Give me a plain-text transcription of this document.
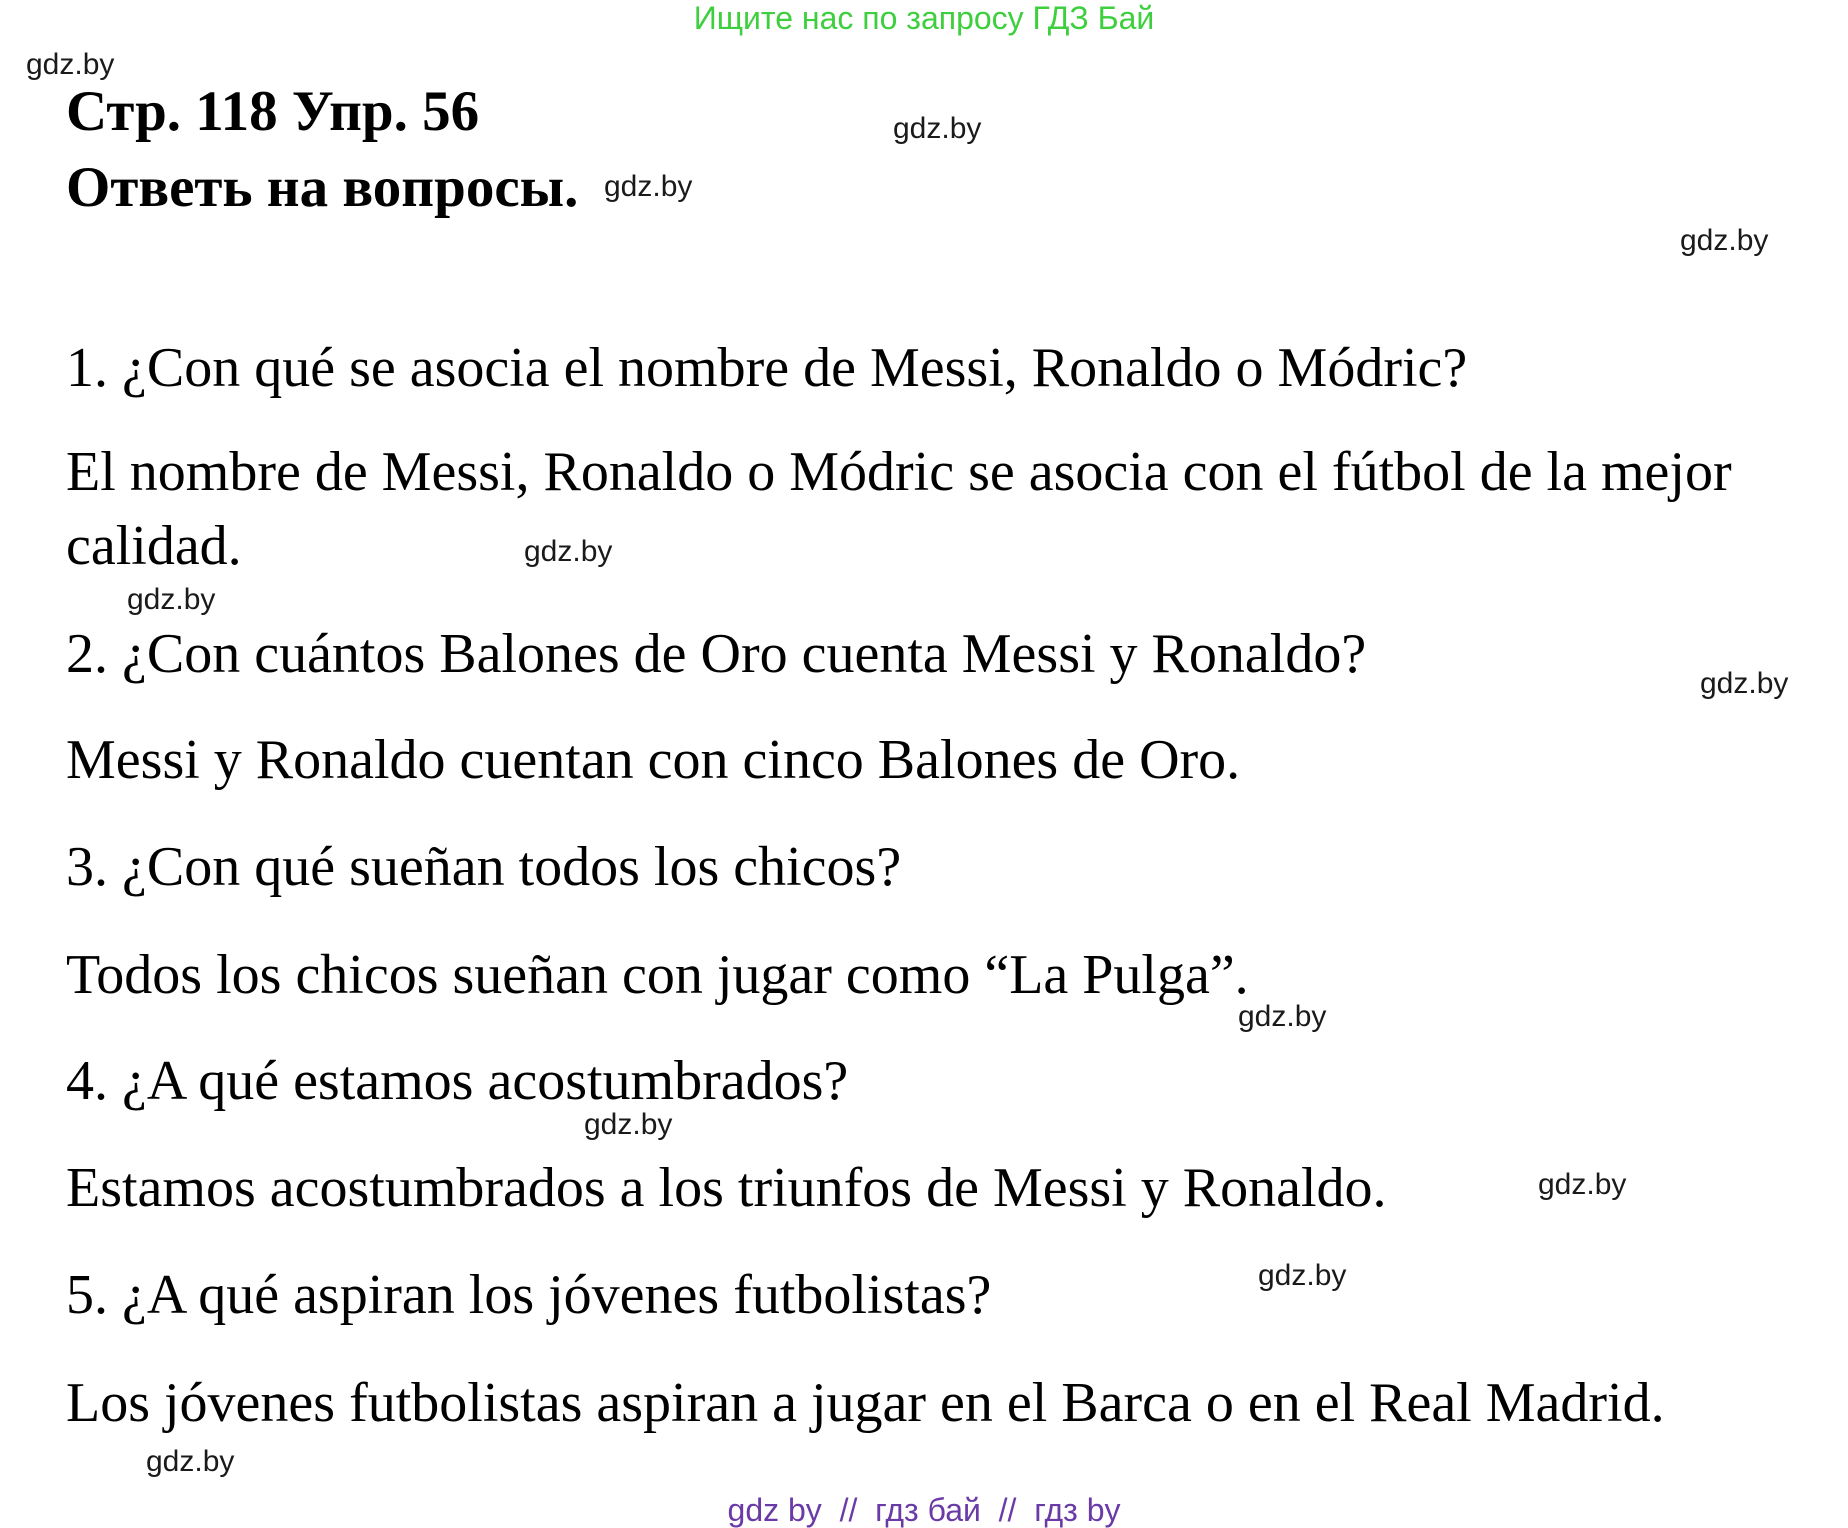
Ищите нас по запросу ГДЗ Бай
Стр. 118 Упр. 56
Ответь на вопросы.
1. ¿Con qué se asocia el nombre de Messi, Ronaldo o Módric?
El nombre de Messi, Ronaldo o Módric se asocia con el fútbol de la mejor calidad.
2. ¿Con cuántos Balones de Oro cuenta Messi y Ronaldo?
Messi y Ronaldo cuentan con cinco Balones de Oro.
3. ¿Con qué sueñan todos los chicos?
Todos los chicos sueñan con jugar como “La Pulga”.
4. ¿A qué estamos acostumbrados?
Estamos acostumbrados a los triunfos de Messi y Ronaldo.
5. ¿A qué aspiran los jóvenes futbolistas?
Los jóvenes futbolistas aspiran a jugar en el Barca o en el Real Madrid.
gdz.by
gdz.by
gdz.by
gdz.by
gdz.by
gdz.by
gdz.by
gdz.by
gdz.by
gdz.by
gdz.by
gdz.by
gdz by  //  гдз бай  //  гдз by
